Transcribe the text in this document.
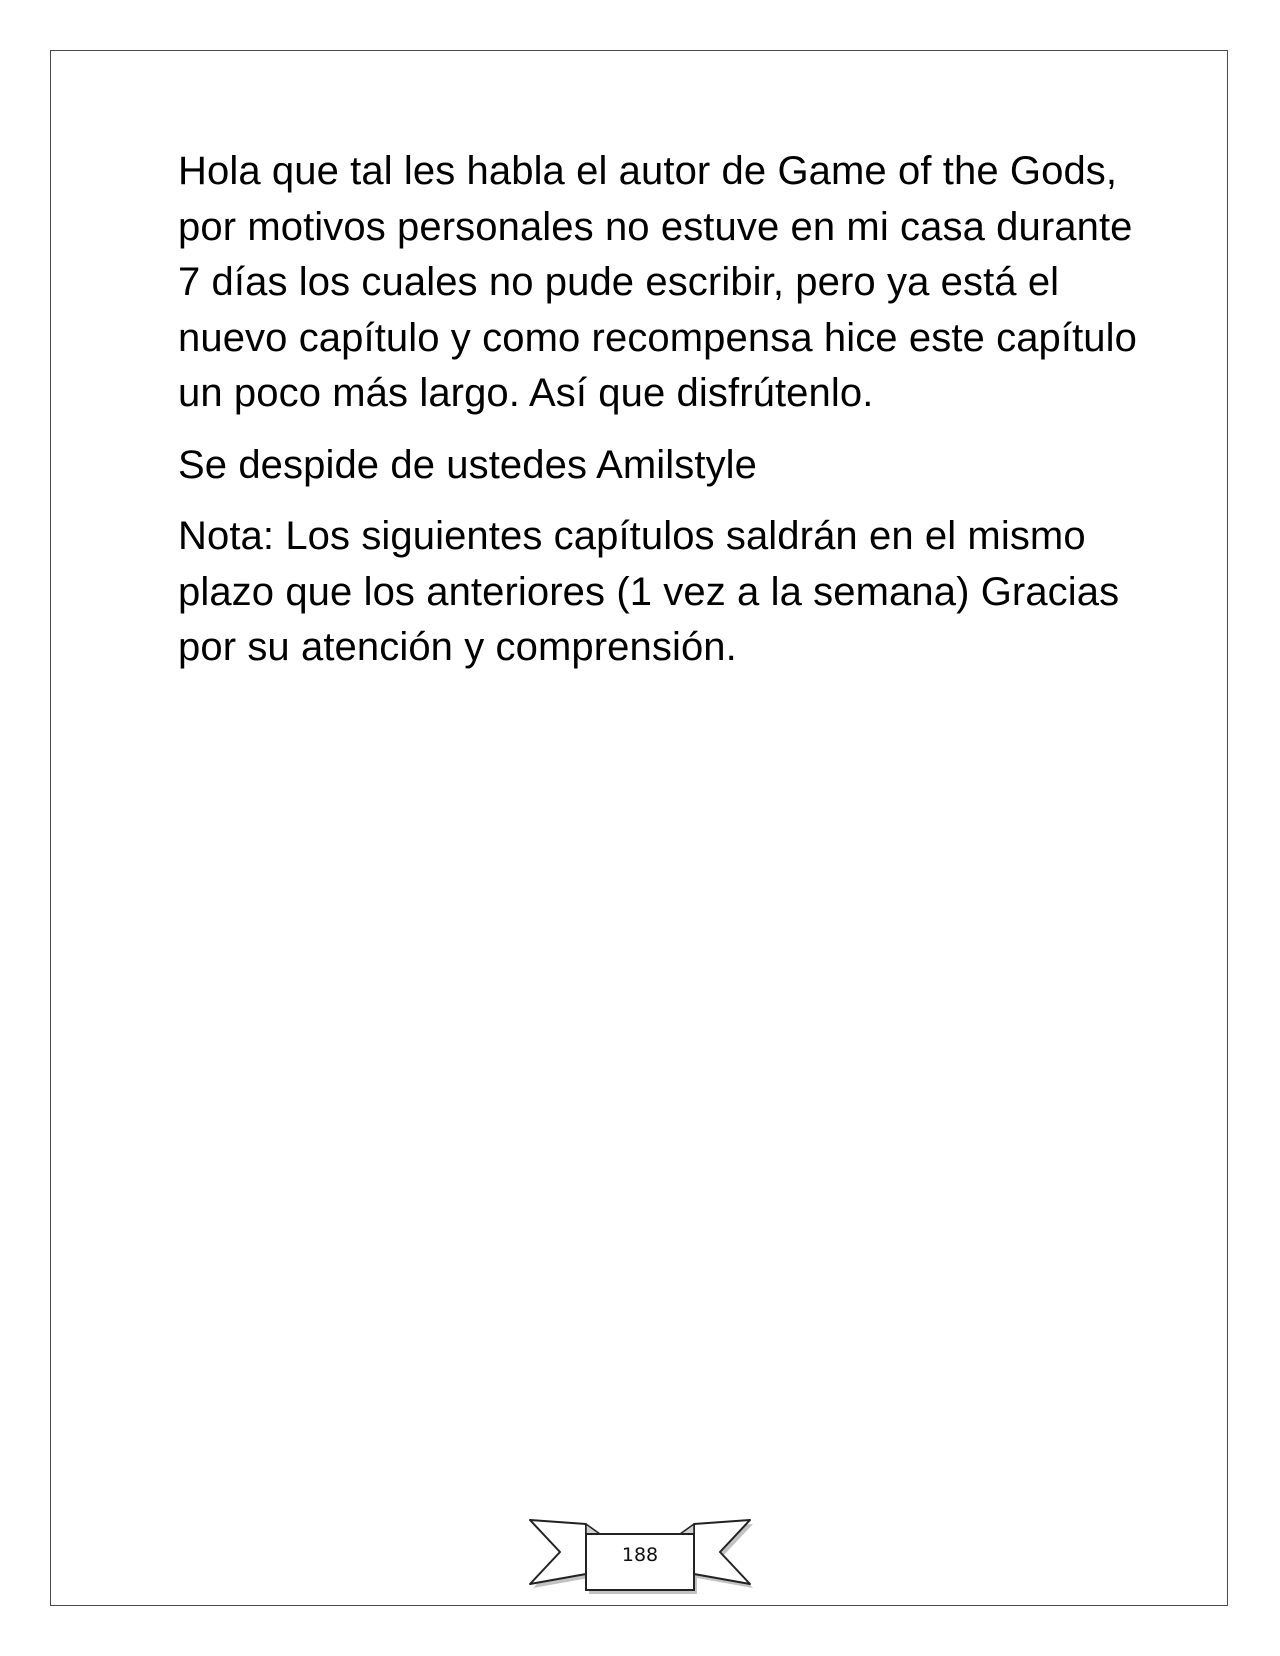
Hola que tal les habla el autor de Game of the Gods, por motivos personales no estuve en mi casa durante 7 días los cuales no pude escribir, pero ya está el nuevo capítulo y como recompensa hice este capítulo un poco más largo. Así que disfrútenlo.

Se despide de ustedes Amilstyle

Nota: Los siguientes capítulos saldrán en el mismo plazo que los anteriores (1 vez a la semana) Gracias por su atención y comprensión.

188
